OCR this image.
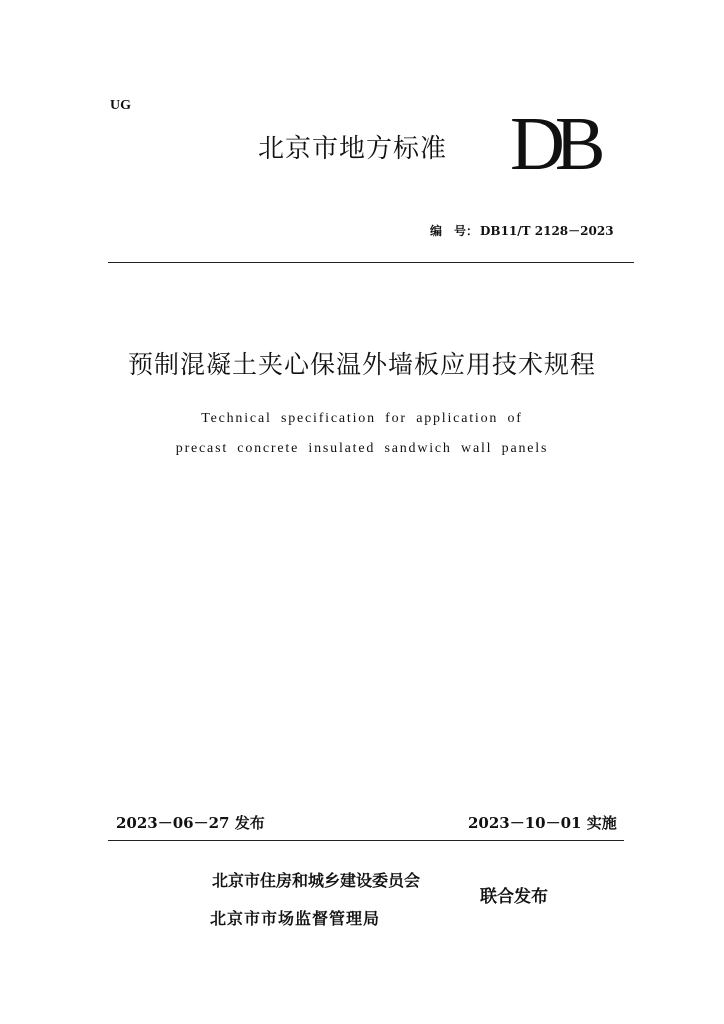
UG
北京市地方标准 DB
编　号： DB11/T 2128－2023
预制混凝土夹心保温外墙板应用技术规程
Technical specification for application of
precast concrete insulated sandwich wall panels
2023－06－27 发布	2023－10－01 实施
北京市住房和城乡建设委员会
北京市市场监督管理局
联合发布
